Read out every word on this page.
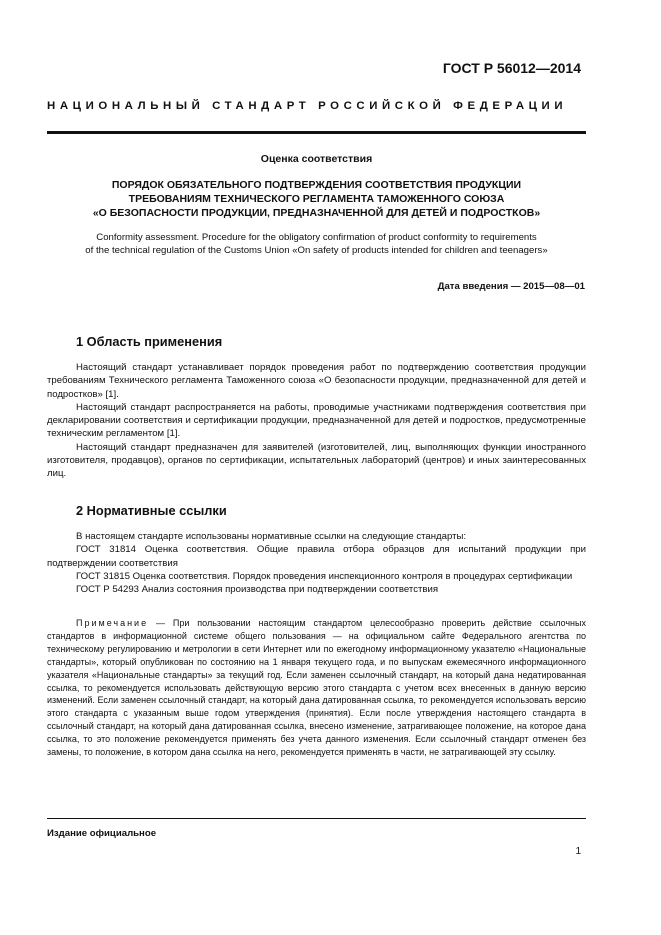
ГОСТ Р 56012—2014
НАЦИОНАЛЬНЫЙ СТАНДАРТ РОССИЙСКОЙ ФЕДЕРАЦИИ
Оценка соответствия
ПОРЯДОК ОБЯЗАТЕЛЬНОГО ПОДТВЕРЖДЕНИЯ СООТВЕТСТВИЯ ПРОДУКЦИИ
ТРЕБОВАНИЯМ ТЕХНИЧЕСКОГО РЕГЛАМЕНТА ТАМОЖЕННОГО СОЮЗА
«О БЕЗОПАСНОСТИ ПРОДУКЦИИ, ПРЕДНАЗНАЧЕННОЙ ДЛЯ ДЕТЕЙ И ПОДРОСТКОВ»
Conformity assessment. Procedure for the obligatory confirmation of product conformity to requirements
of the technical regulation of the Customs Union «On safety of products intended for children and teenagers»
Дата введения — 2015—08—01
1 Область применения

Настоящий стандарт устанавливает порядок проведения работ по подтверждению соответствия продукции требованиям Технического регламента Таможенного союза «О безопасности продукции, предназначенной для детей и подростков» [1].

Настоящий стандарт распространяется на работы, проводимые участниками подтверждения соответствия при декларировании соответствия и сертификации продукции, предназначенной для детей и подростков, предусмотренные техническим регламентом [1].

Настоящий стандарт предназначен для заявителей (изготовителей, лиц, выполняющих функции иностранного изготовителя, продавцов), органов по сертификации, испытательных лабораторий (центров) и иных заинтересованных лиц.

2 Нормативные ссылки

В настоящем стандарте использованы нормативные ссылки на следующие стандарты:

ГОСТ 31814 Оценка соответствия. Общие правила отбора образцов для испытаний продукции при подтверждении соответствия

ГОСТ 31815 Оценка соответствия. Порядок проведения инспекционного контроля в процедурах сертификации

ГОСТ Р 54293 Анализ состояния производства при подтверждении соответствия

Примечание — При пользовании настоящим стандартом целесообразно проверить действие ссылочных стандартов в информационной системе общего пользования — на официальном сайте Федерального агентства по техническому регулированию и метрологии в сети Интернет или по ежегодному информационному указателю «Национальные стандарты», который опубликован по состоянию на 1 января текущего года, и по выпускам ежемесячного информационного указателя «Национальные стандарты» за текущий год. Если заменен ссылочный стандарт, на который дана недатированная ссылка, то рекомендуется использовать действующую версию этого стандарта с учетом всех внесенных в данную версию изменений. Если заменен ссылочный стандарт, на который дана датированная ссылка, то рекомендуется использовать версию этого стандарта с указанным выше годом утверждения (принятия). Если после утверждения настоящего стандарта в ссылочный стандарт, на который дана датированная ссылка, внесено изменение, затрагивающее положение, на которое дана ссылка, то это положение рекомендуется применять без учета данного изменения. Если ссылочный стандарт отменен без замены, то положение, в котором дана ссылка на него, рекомендуется применять в части, не затрагивающей эту ссылку.
Издание официальное
1
